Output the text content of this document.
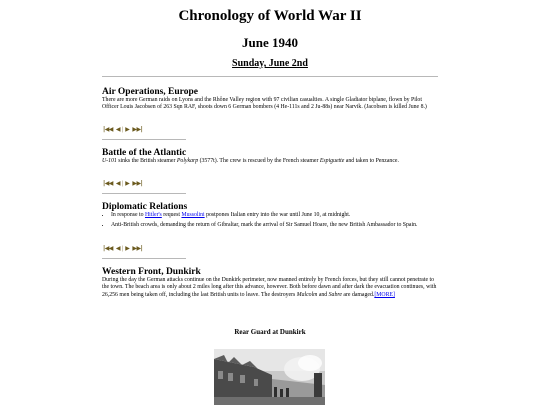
Chronology of World War II
June 1940
Sunday, June 2nd
Air Operations, Europe

There are more German raids on Lyons and the Rhône Valley region with 97 civilian casualties. A single Gladiator biplane, flown by Pilot Officer Louis Jacobsen of 263 Sqn RAF, shoots down 6 German bombers (4 He-111s and 2 Ju-88s) near Narvik. (Jacobsen is killed June 8.)

|◀◀ ◀ | ▶ ▶▶|
Battle of the Atlantic

U-101 sinks the British steamer Polykarp (3577t). The crew is rescued by the French steamer Espiguette and taken to Penzance.

|◀◀ ◀ | ▶ ▶▶|
Diplomatic Relations
• In response to Hitler's request Mussolini postpones Italian entry into the war until June 10, at midnight.
• Anti-British crowds, demanding the return of Gibraltar, mark the arrival of Sir Samuel Hoare, the new British Ambassador to Spain.
|◀◀ ◀ | ▶ ▶▶|
Western Front, Dunkirk

During the day the German attacks continue on the Dunkirk perimeter, now manned entirely by French forces, but they still cannot penetrate to the town. The beach area is only about 2 miles long after this advance, however. Both before dawn and after dark the evacuation continues, with 26,256 men being taken off, including the last British units to leave. The destroyers Malcolm and Sabre are damaged.[MORE]

Rear Guard at Dunkirk
